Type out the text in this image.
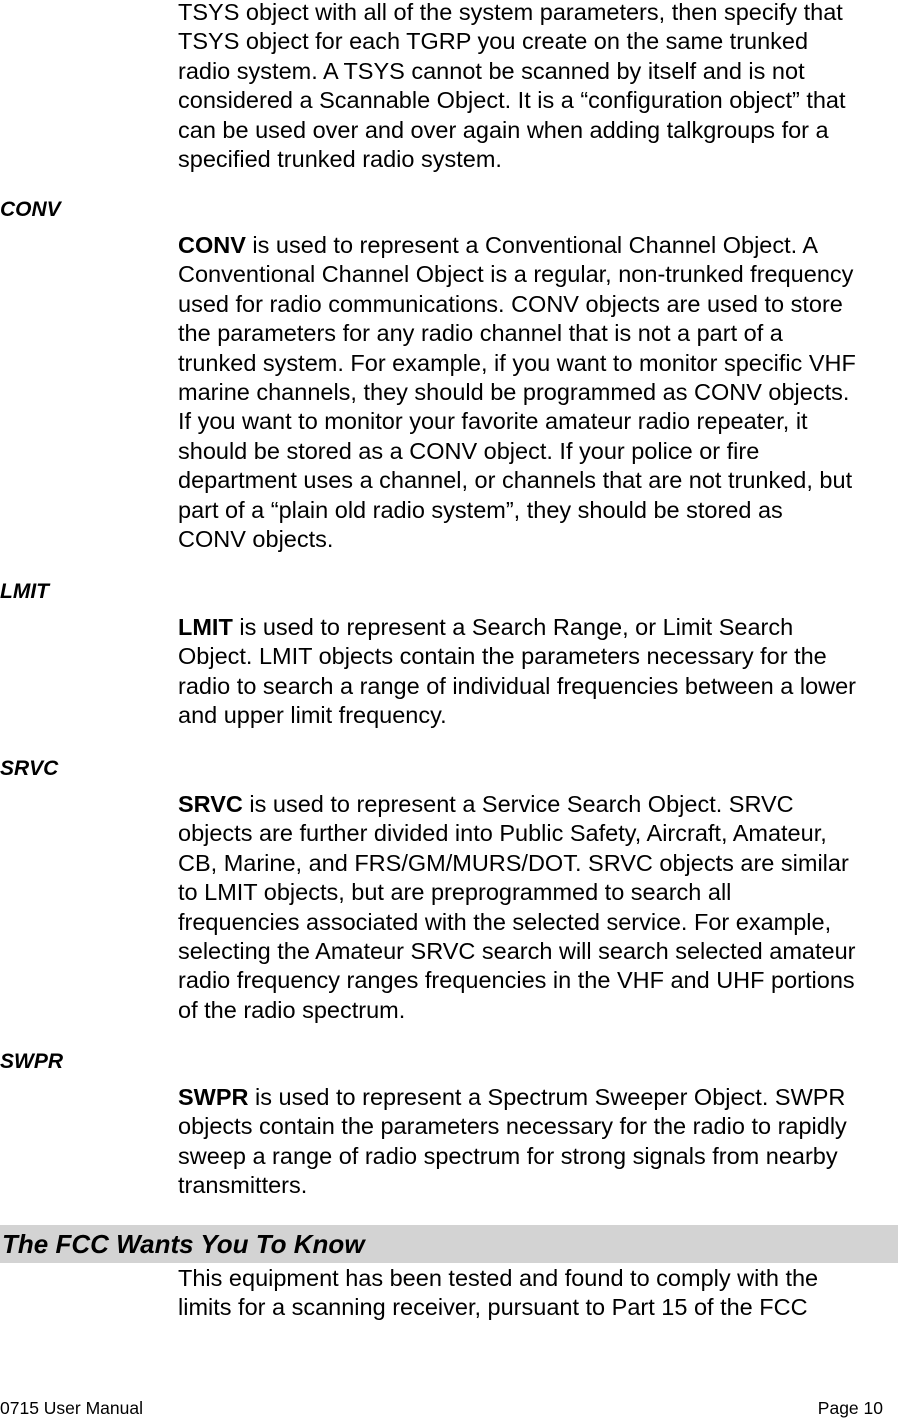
TSYS object with all of the system parameters, then specify that
TSYS object for each TGRP you create on the same trunked
radio system. A TSYS cannot be scanned by itself and is not
considered a Scannable Object. It is a “configuration object” that
can be used over and over again when adding talkgroups for a
specified trunked radio system.
CONV
CONV is used to represent a Conventional Channel Object. A
Conventional Channel Object is a regular, non-trunked frequency
used for radio communications. CONV objects are used to store
the parameters for any radio channel that is not a part of a
trunked system. For example, if you want to monitor specific VHF
marine channels, they should be programmed as CONV objects.
If you want to monitor your favorite amateur radio repeater, it
should be stored as a CONV object. If your police or fire
department uses a channel, or channels that are not trunked, but
part of a “plain old radio system”, they should be stored as
CONV objects.
LMIT
LMIT is used to represent a Search Range, or Limit Search
Object. LMIT objects contain the parameters necessary for the
radio to search a range of individual frequencies between a lower
and upper limit frequency.
SRVC
SRVC is used to represent a Service Search Object. SRVC
objects are further divided into Public Safety, Aircraft, Amateur,
CB, Marine, and FRS/GM/MURS/DOT. SRVC objects are similar
to LMIT objects, but are preprogrammed to search all
frequencies associated with the selected service. For example,
selecting the Amateur SRVC search will search selected amateur
radio frequency ranges frequencies in the VHF and UHF portions
of the radio spectrum.
SWPR
SWPR is used to represent a Spectrum Sweeper Object. SWPR
objects contain the parameters necessary for the radio to rapidly
sweep a range of radio spectrum for strong signals from nearby
transmitters.
The FCC Wants You To Know
This equipment has been tested and found to comply with the
limits for a scanning receiver, pursuant to Part 15 of the FCC
0715 User Manual	Page 10
